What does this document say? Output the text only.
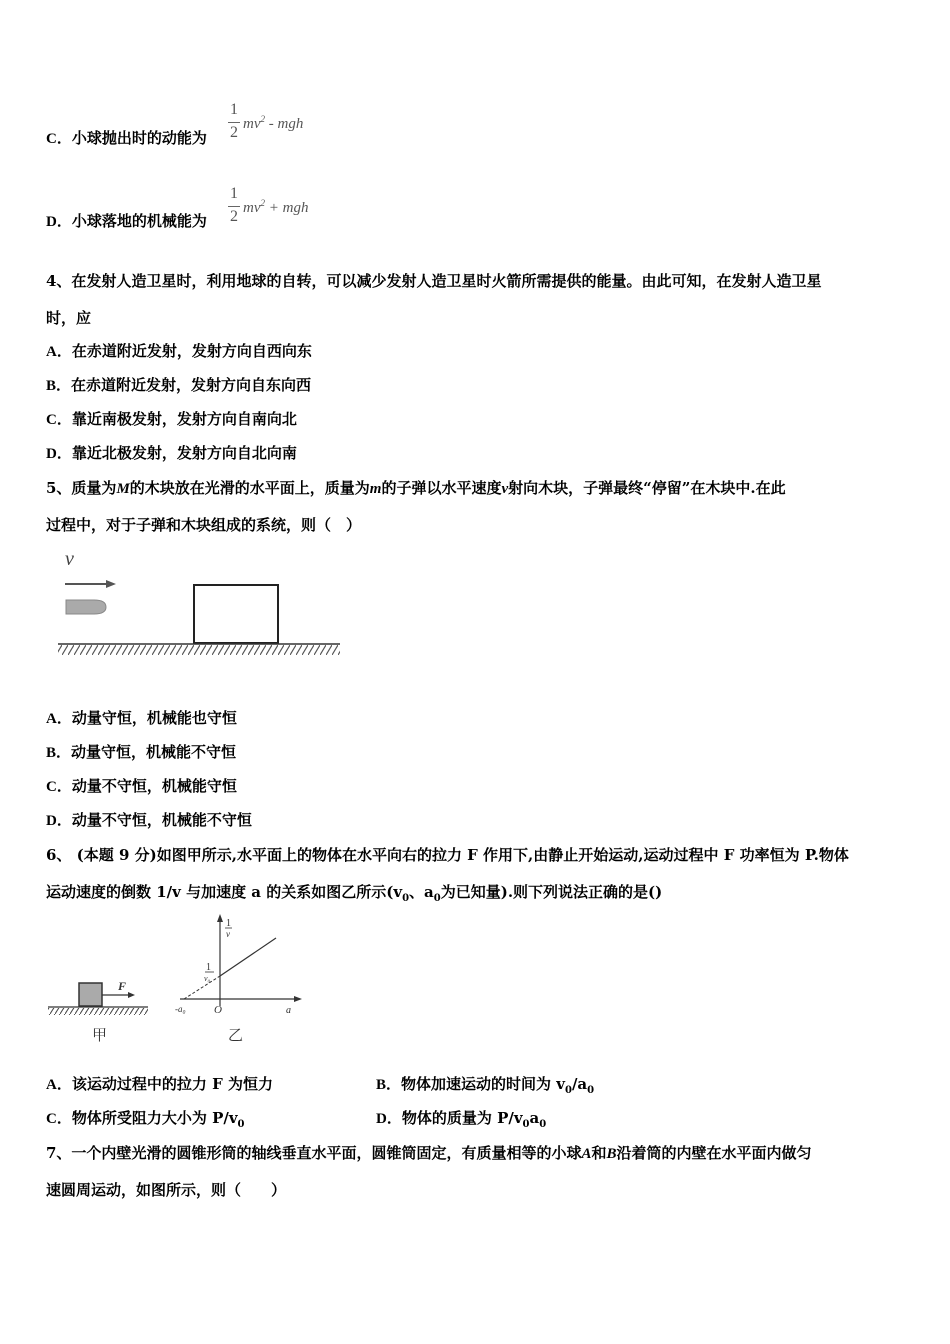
C．小球抛出时的动能为
1
2 $mv^2$ - mgh
D．小球落地的机械能为
1
2 $mv^2$ + mgh
4、在发射人造卫星时，利用地球的自转，可以减少发射人造卫星时火箭所需提供的能量。由此可知，在发射人造卫星
时，应
A．在赤道附近发射，发射方向自西向东
B．在赤道附近发射，发射方向自东向西
C．靠近南极发射，发射方向自南向北
D．靠近北极发射，发射方向自北向南
5、质量为M的木块放在光滑的水平面上，质量为m的子弹以水平速度v射向木块，子弹最终“停留”在木块中.在此
过程中，对于子弹和木块组成的系统，则（　）
v
A．动量守恒，机械能也守恒
B．动量守恒，机械能不守恒
C．动量不守恒，机械能守恒
D．动量不守恒，机械能不守恒
6、 (本题 9 分)如图甲所示,水平面上的物体在水平向右的拉力 F 作用下,由静止开始运动,运动过程中 F 功率恒为 P.物体
运动速度的倒数 1/v 与加速度 a 的关系如图乙所示($v_0$、$a_0$为已知量).则下列说法正确的是()
F
甲
1
v
1
v₀
-a₀	O	a
乙
A．该运动过程中的拉力 F 为恒力	B．物体加速运动的时间为 $v_0/a_0$
C．物体所受阻力大小为 $P/v_0$	D．物体的质量为 $P/v_0a_0$
7、一个内壁光滑的圆锥形筒的轴线垂直水平面，圆锥筒固定，有质量相等的小球A和B沿着筒的内壁在水平面内做匀
速圆周运动，如图所示，则（　　）
